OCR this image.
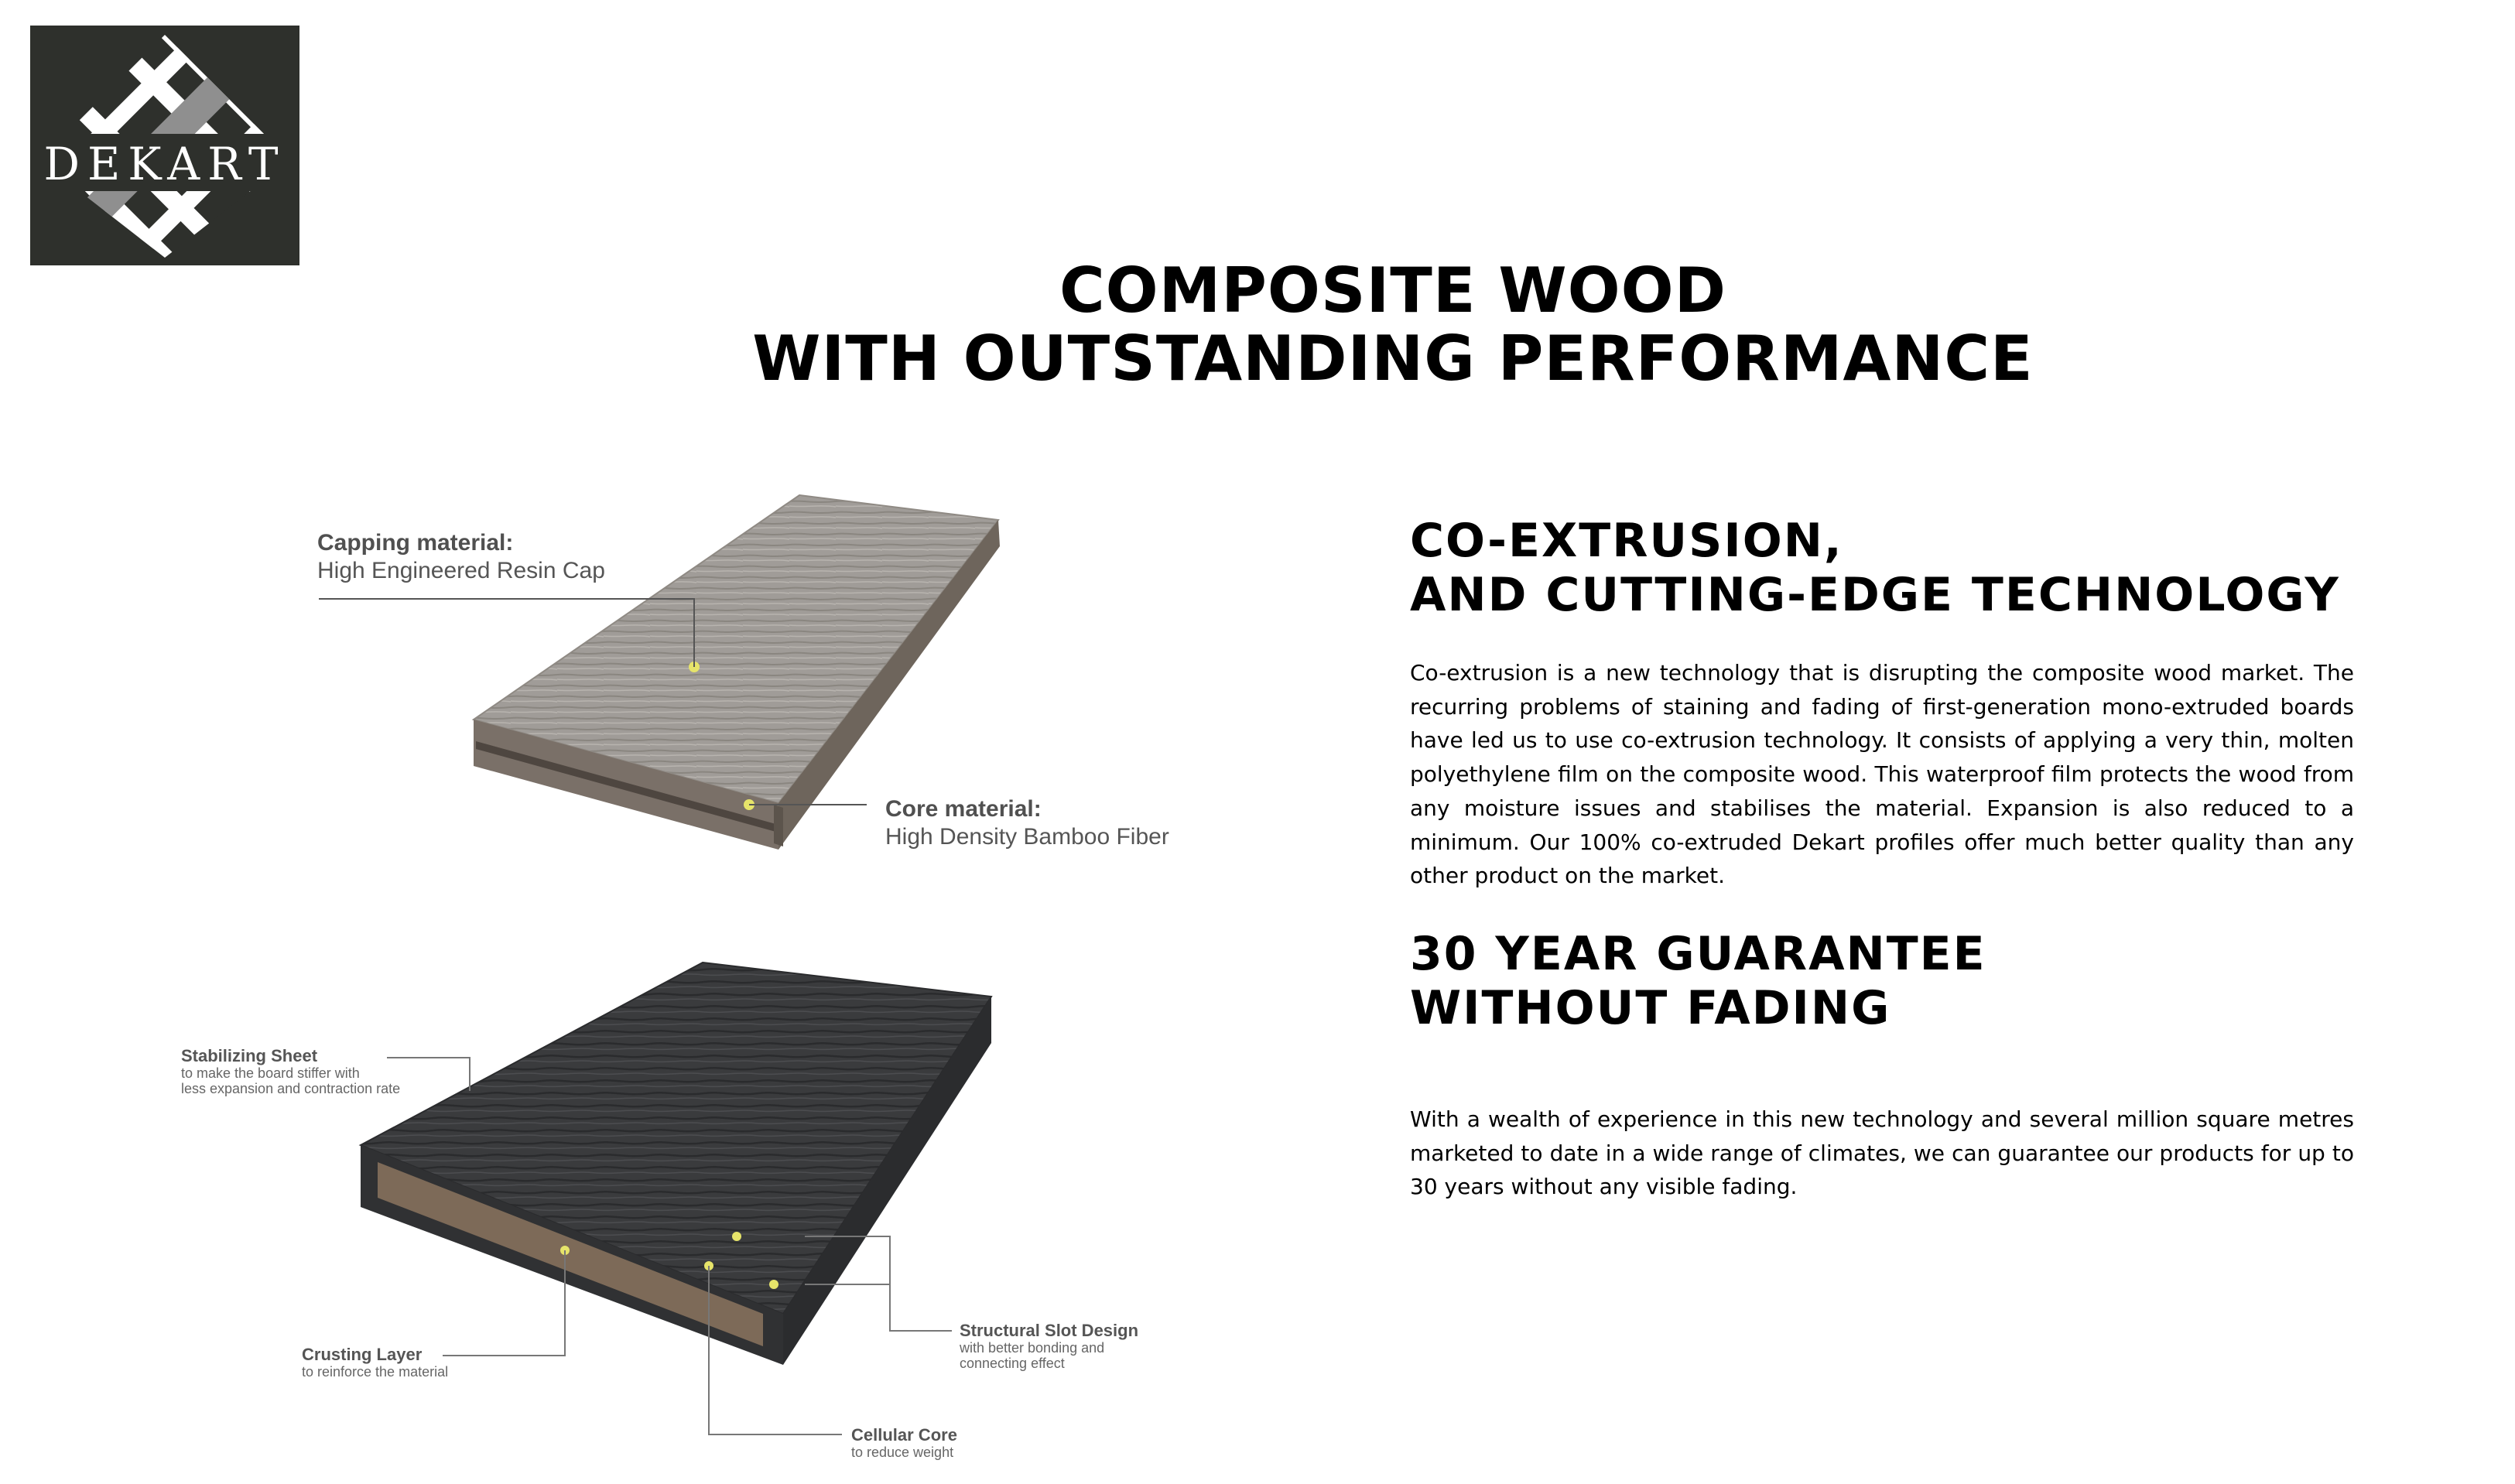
DEKART
COMPOSITE WOOD
WITH OUTSTANDING PERFORMANCE
Capping material:
High Engineered Resin Cap
Core material:
High Density Bamboo Fiber
Stabilizing Sheet
to make the board stiffer with
less expansion and contraction rate
Crusting Layer
to reinforce the material
Structural Slot Design
with better bonding and
connecting effect
Cellular Core
to reduce weight
CO-EXTRUSION,
AND CUTTING-EDGE TECHNOLOGY
Co-extrusion is a new technology that is disrupting the composite wood market. The recurring problems of staining and fading of first-generation mono-extruded boards have led us to use co-extrusion technology. It consists of applying a very thin, molten polyethylene film on the composite wood. This waterproof film protects the wood from any moisture issues and stabilises the material. Expansion is also reduced to a minimum. Our 100% co-extruded Dekart profiles offer much better quality than any other product on the market.
30 YEAR GUARANTEE
WITHOUT FADING
With a wealth of experience in this new technology and several million square metres marketed to date in a wide range of climates, we can guarantee our products for up to 30 years without any visible fading.
